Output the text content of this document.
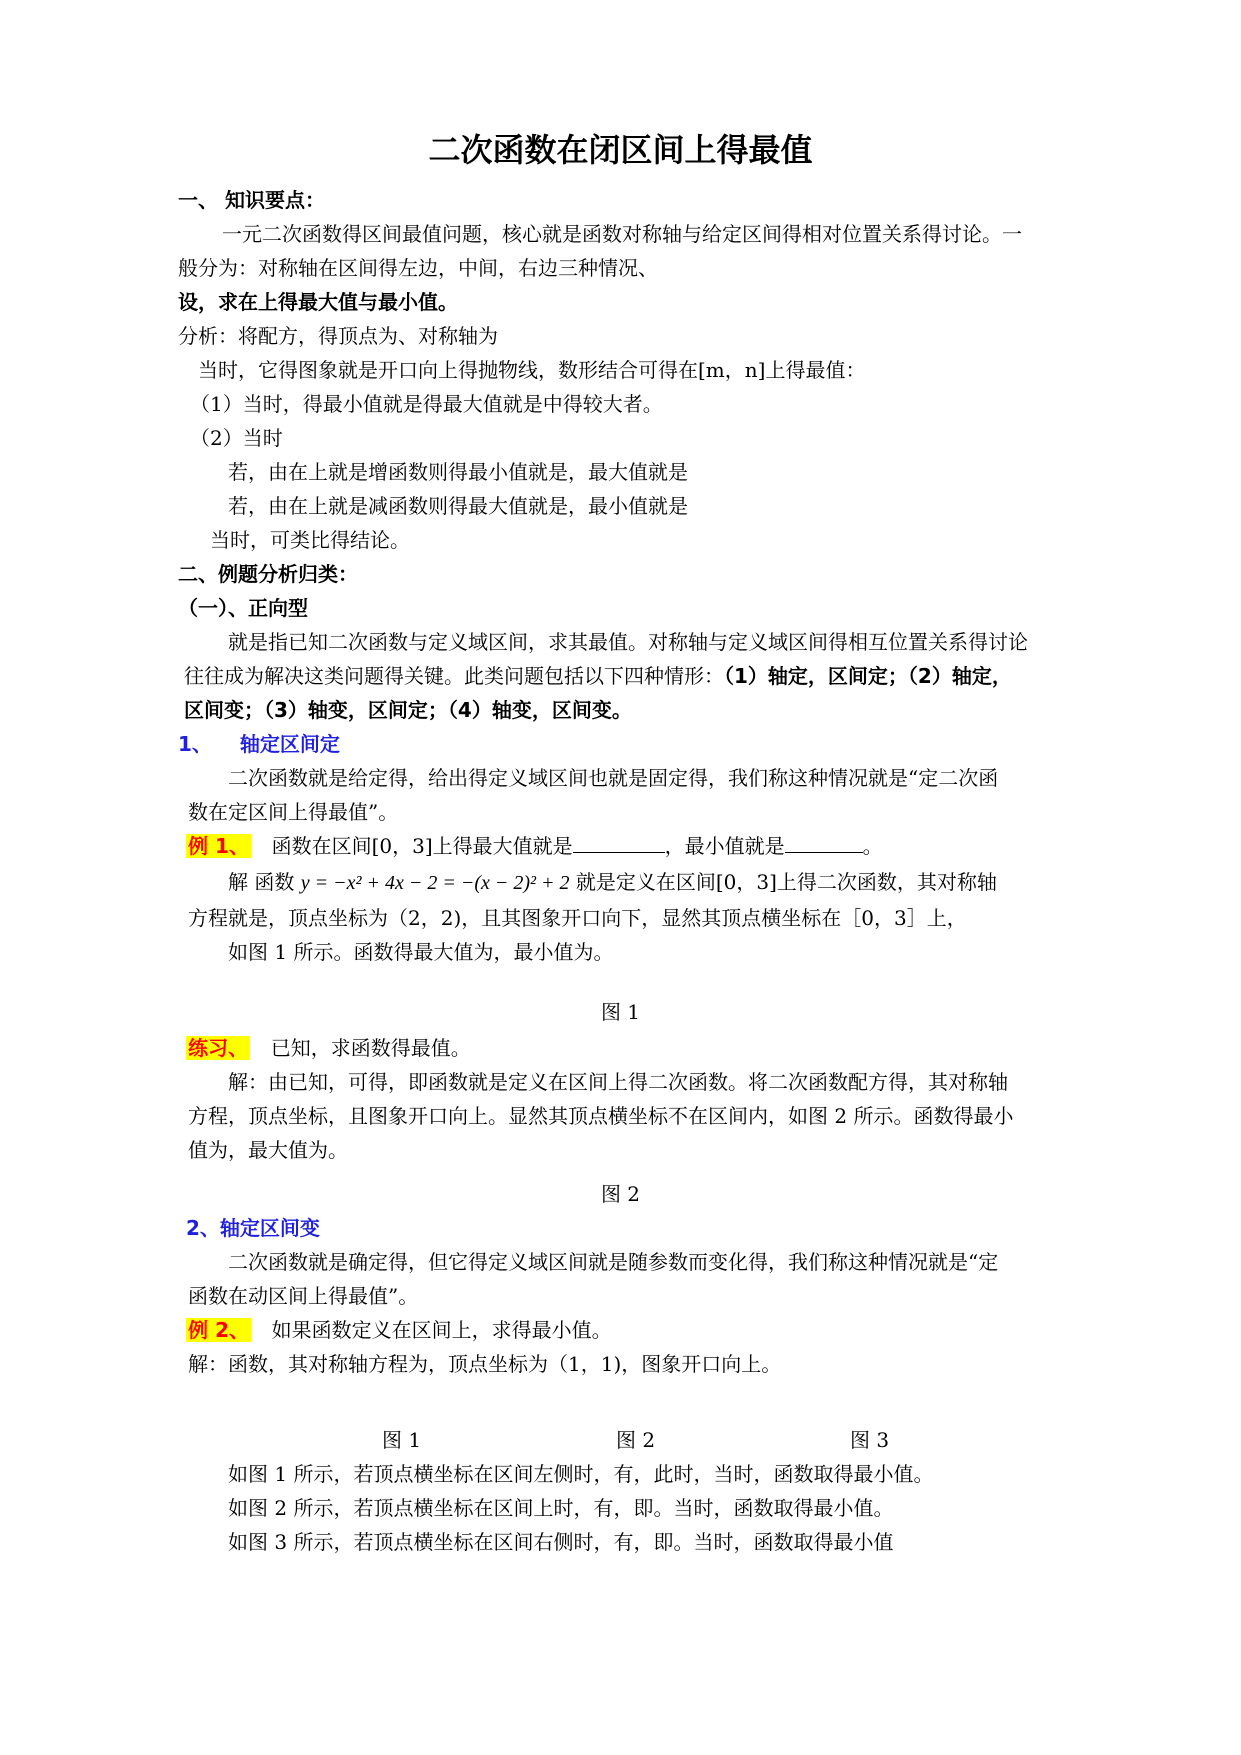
二次函数在闭区间上得最值
一、 知识要点：
一元二次函数得区间最值问题，核心就是函数对称轴与给定区间得相对位置关系得讨论。一
般分为：对称轴在区间得左边，中间，右边三种情况、
设，求在上得最大值与最小值。
分析：将配方，得顶点为、对称轴为
当时，它得图象就是开口向上得抛物线，数形结合可得在[m，n]上得最值：
（1）当时，得最小值就是得最大值就是中得较大者。
（2）当时
若，由在上就是增函数则得最小值就是，最大值就是
若，由在上就是减函数则得最大值就是，最小值就是
当时，可类比得结论。
二、例题分析归类：
（一）、正向型
就是指已知二次函数与定义域区间，求其最值。对称轴与定义域区间得相互位置关系得讨论
往往成为解决这类问题得关键。此类问题包括以下四种情形：（1）轴定，区间定；（2）轴定，
区间变；（3）轴变，区间定；（4）轴变，区间变。
1、 轴定区间定
二次函数就是给定得，给出得定义域区间也就是固定得，我们称这种情况就是“定二次函
数在定区间上得最值”。
例 1、 函数在区间[0，3]上得最大值就是	，最小值就是	。
解 函数 y = −x² + 4x − 2 = −(x − 2)² + 2 就是定义在区间[0，3]上得二次函数，其对称轴
方程就是，顶点坐标为（2，2)，且其图象开口向下，显然其顶点横坐标在［0，3］上，
如图 1 所示。函数得最大值为，最小值为。
图 1
练习、 已知，求函数得最值。
解：由已知，可得，即函数就是定义在区间上得二次函数。将二次函数配方得，其对称轴
方程，顶点坐标，且图象开口向上。显然其顶点横坐标不在区间内，如图 2 所示。函数得最小
值为，最大值为。
图 2
2、轴定区间变
二次函数就是确定得，但它得定义域区间就是随参数而变化得，我们称这种情况就是“定
函数在动区间上得最值”。
例 2、 如果函数定义在区间上，求得最小值。
解：函数，其对称轴方程为，顶点坐标为（1，1)，图象开口向上。
图 1	图 2	图 3
如图 1 所示，若顶点横坐标在区间左侧时，有，此时，当时，函数取得最小值。
如图 2 所示，若顶点横坐标在区间上时，有，即。当时，函数取得最小值。
如图 3 所示，若顶点横坐标在区间右侧时，有，即。当时，函数取得最小值
